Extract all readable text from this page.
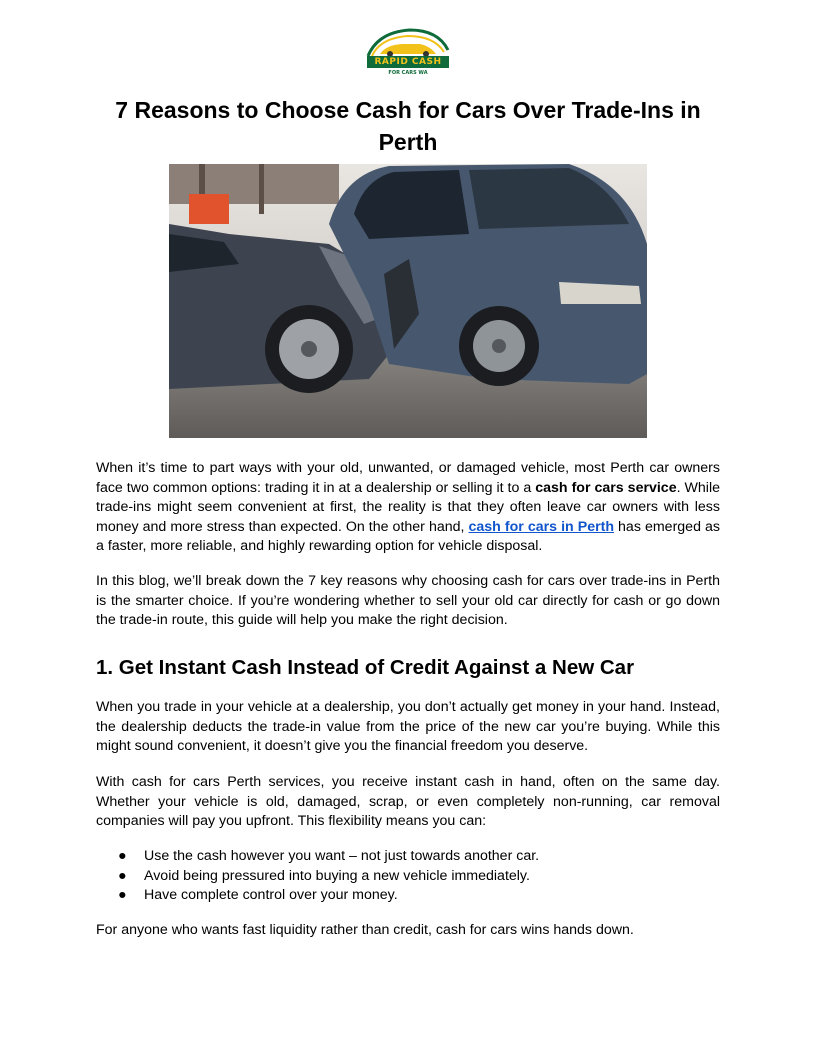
RAPID CASH
FOR CARS WA
7 Reasons to Choose Cash for Cars Over Trade-Ins in Perth

When it’s time to part ways with your old, unwanted, or damaged vehicle, most Perth car owners face two common options: trading it in at a dealership or selling it to a cash for cars service. While trade-ins might seem convenient at first, the reality is that they often leave car owners with less money and more stress than expected. On the other hand, cash for cars in Perth has emerged as a faster, more reliable, and highly rewarding option for vehicle disposal.

In this blog, we’ll break down the 7 key reasons why choosing cash for cars over trade-ins in Perth is the smarter choice. If you’re wondering whether to sell your old car directly for cash or go down the trade-in route, this guide will help you make the right decision.

1. Get Instant Cash Instead of Credit Against a New Car

When you trade in your vehicle at a dealership, you don’t actually get money in your hand. Instead, the dealership deducts the trade-in value from the price of the new car you’re buying. While this might sound convenient, it doesn’t give you the financial freedom you deserve.

With cash for cars Perth services, you receive instant cash in hand, often on the same day. Whether your vehicle is old, damaged, scrap, or even completely non-running, car removal companies will pay you upfront. This flexibility means you can:

● Use the cash however you want – not just towards another car.
● Avoid being pressured into buying a new vehicle immediately.
● Have complete control over your money.

For anyone who wants fast liquidity rather than credit, cash for cars wins hands down.
